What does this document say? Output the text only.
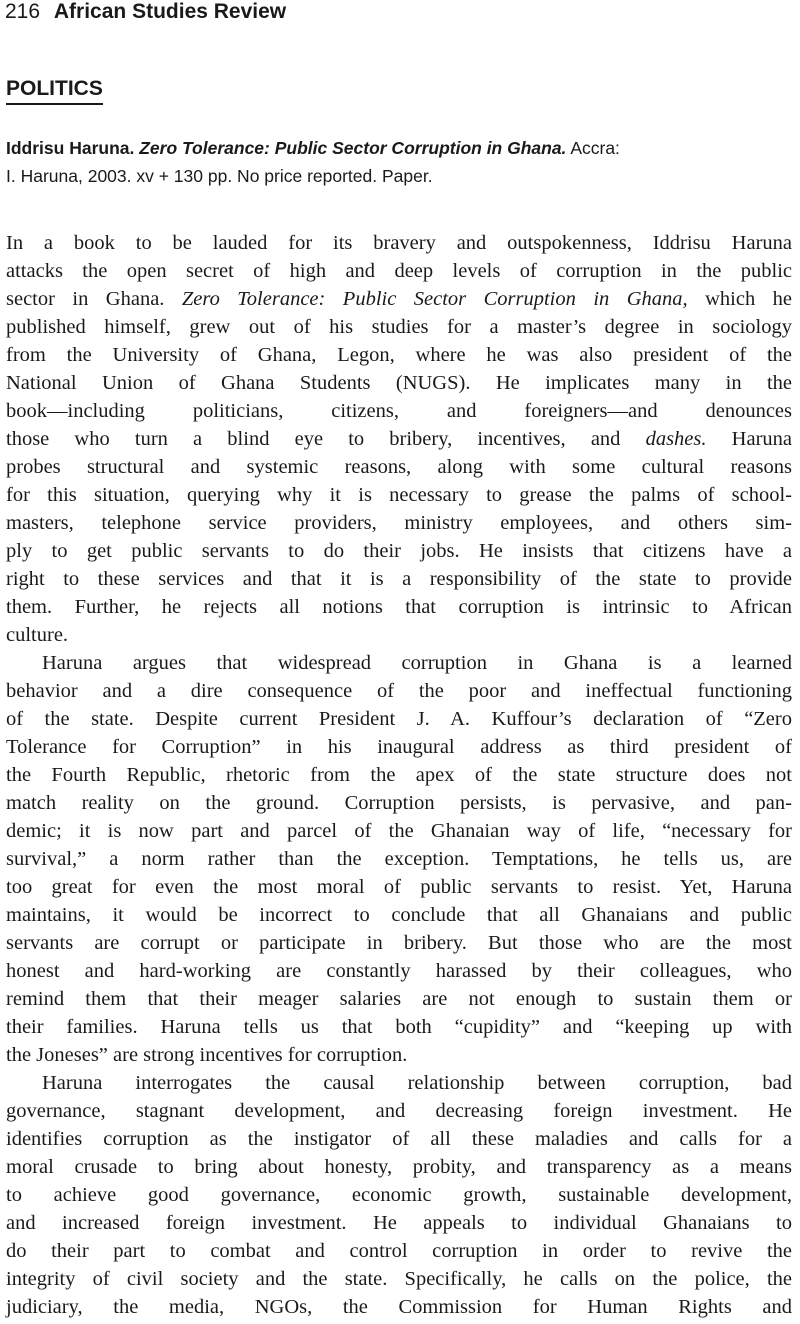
216 African Studies Review
POLITICS
Iddrisu Haruna. Zero Tolerance: Public Sector Corruption in Ghana. Accra:
I. Haruna, 2003. xv + 130 pp. No price reported. Paper.
In a book to be lauded for its bravery and outspokenness, Iddrisu Haruna
attacks the open secret of high and deep levels of corruption in the public
sector in Ghana. Zero Tolerance: Public Sector Corruption in Ghana, which he
published himself, grew out of his studies for a master’s degree in sociology
from the University of Ghana, Legon, where he was also president of the
National Union of Ghana Students (NUGS). He implicates many in the
book—including politicians, citizens, and foreigners—and denounces
those who turn a blind eye to bribery, incentives, and dashes. Haruna
probes structural and systemic reasons, along with some cultural reasons
for this situation, querying why it is necessary to grease the palms of school-
masters, telephone service providers, ministry employees, and others sim-
ply to get public servants to do their jobs. He insists that citizens have a
right to these services and that it is a responsibility of the state to provide
them. Further, he rejects all notions that corruption is intrinsic to African
culture.
Haruna argues that widespread corruption in Ghana is a learned
behavior and a dire consequence of the poor and ineffectual functioning
of the state. Despite current President J. A. Kuffour’s declaration of “Zero
Tolerance for Corruption” in his inaugural address as third president of
the Fourth Republic, rhetoric from the apex of the state structure does not
match reality on the ground. Corruption persists, is pervasive, and pan-
demic; it is now part and parcel of the Ghanaian way of life, “necessary for
survival,” a norm rather than the exception. Temptations, he tells us, are
too great for even the most moral of public servants to resist. Yet, Haruna
maintains, it would be incorrect to conclude that all Ghanaians and public
servants are corrupt or participate in bribery. But those who are the most
honest and hard-working are constantly harassed by their colleagues, who
remind them that their meager salaries are not enough to sustain them or
their families. Haruna tells us that both “cupidity” and “keeping up with
the Joneses” are strong incentives for corruption.
Haruna interrogates the causal relationship between corruption, bad
governance, stagnant development, and decreasing foreign investment. He
identifies corruption as the instigator of all these maladies and calls for a
moral crusade to bring about honesty, probity, and transparency as a means
to achieve good governance, economic growth, sustainable development,
and increased foreign investment. He appeals to individual Ghanaians to
do their part to combat and control corruption in order to revive the
integrity of civil society and the state. Specifically, he calls on the police, the
judiciary, the media, NGOs, the Commission for Human Rights and
